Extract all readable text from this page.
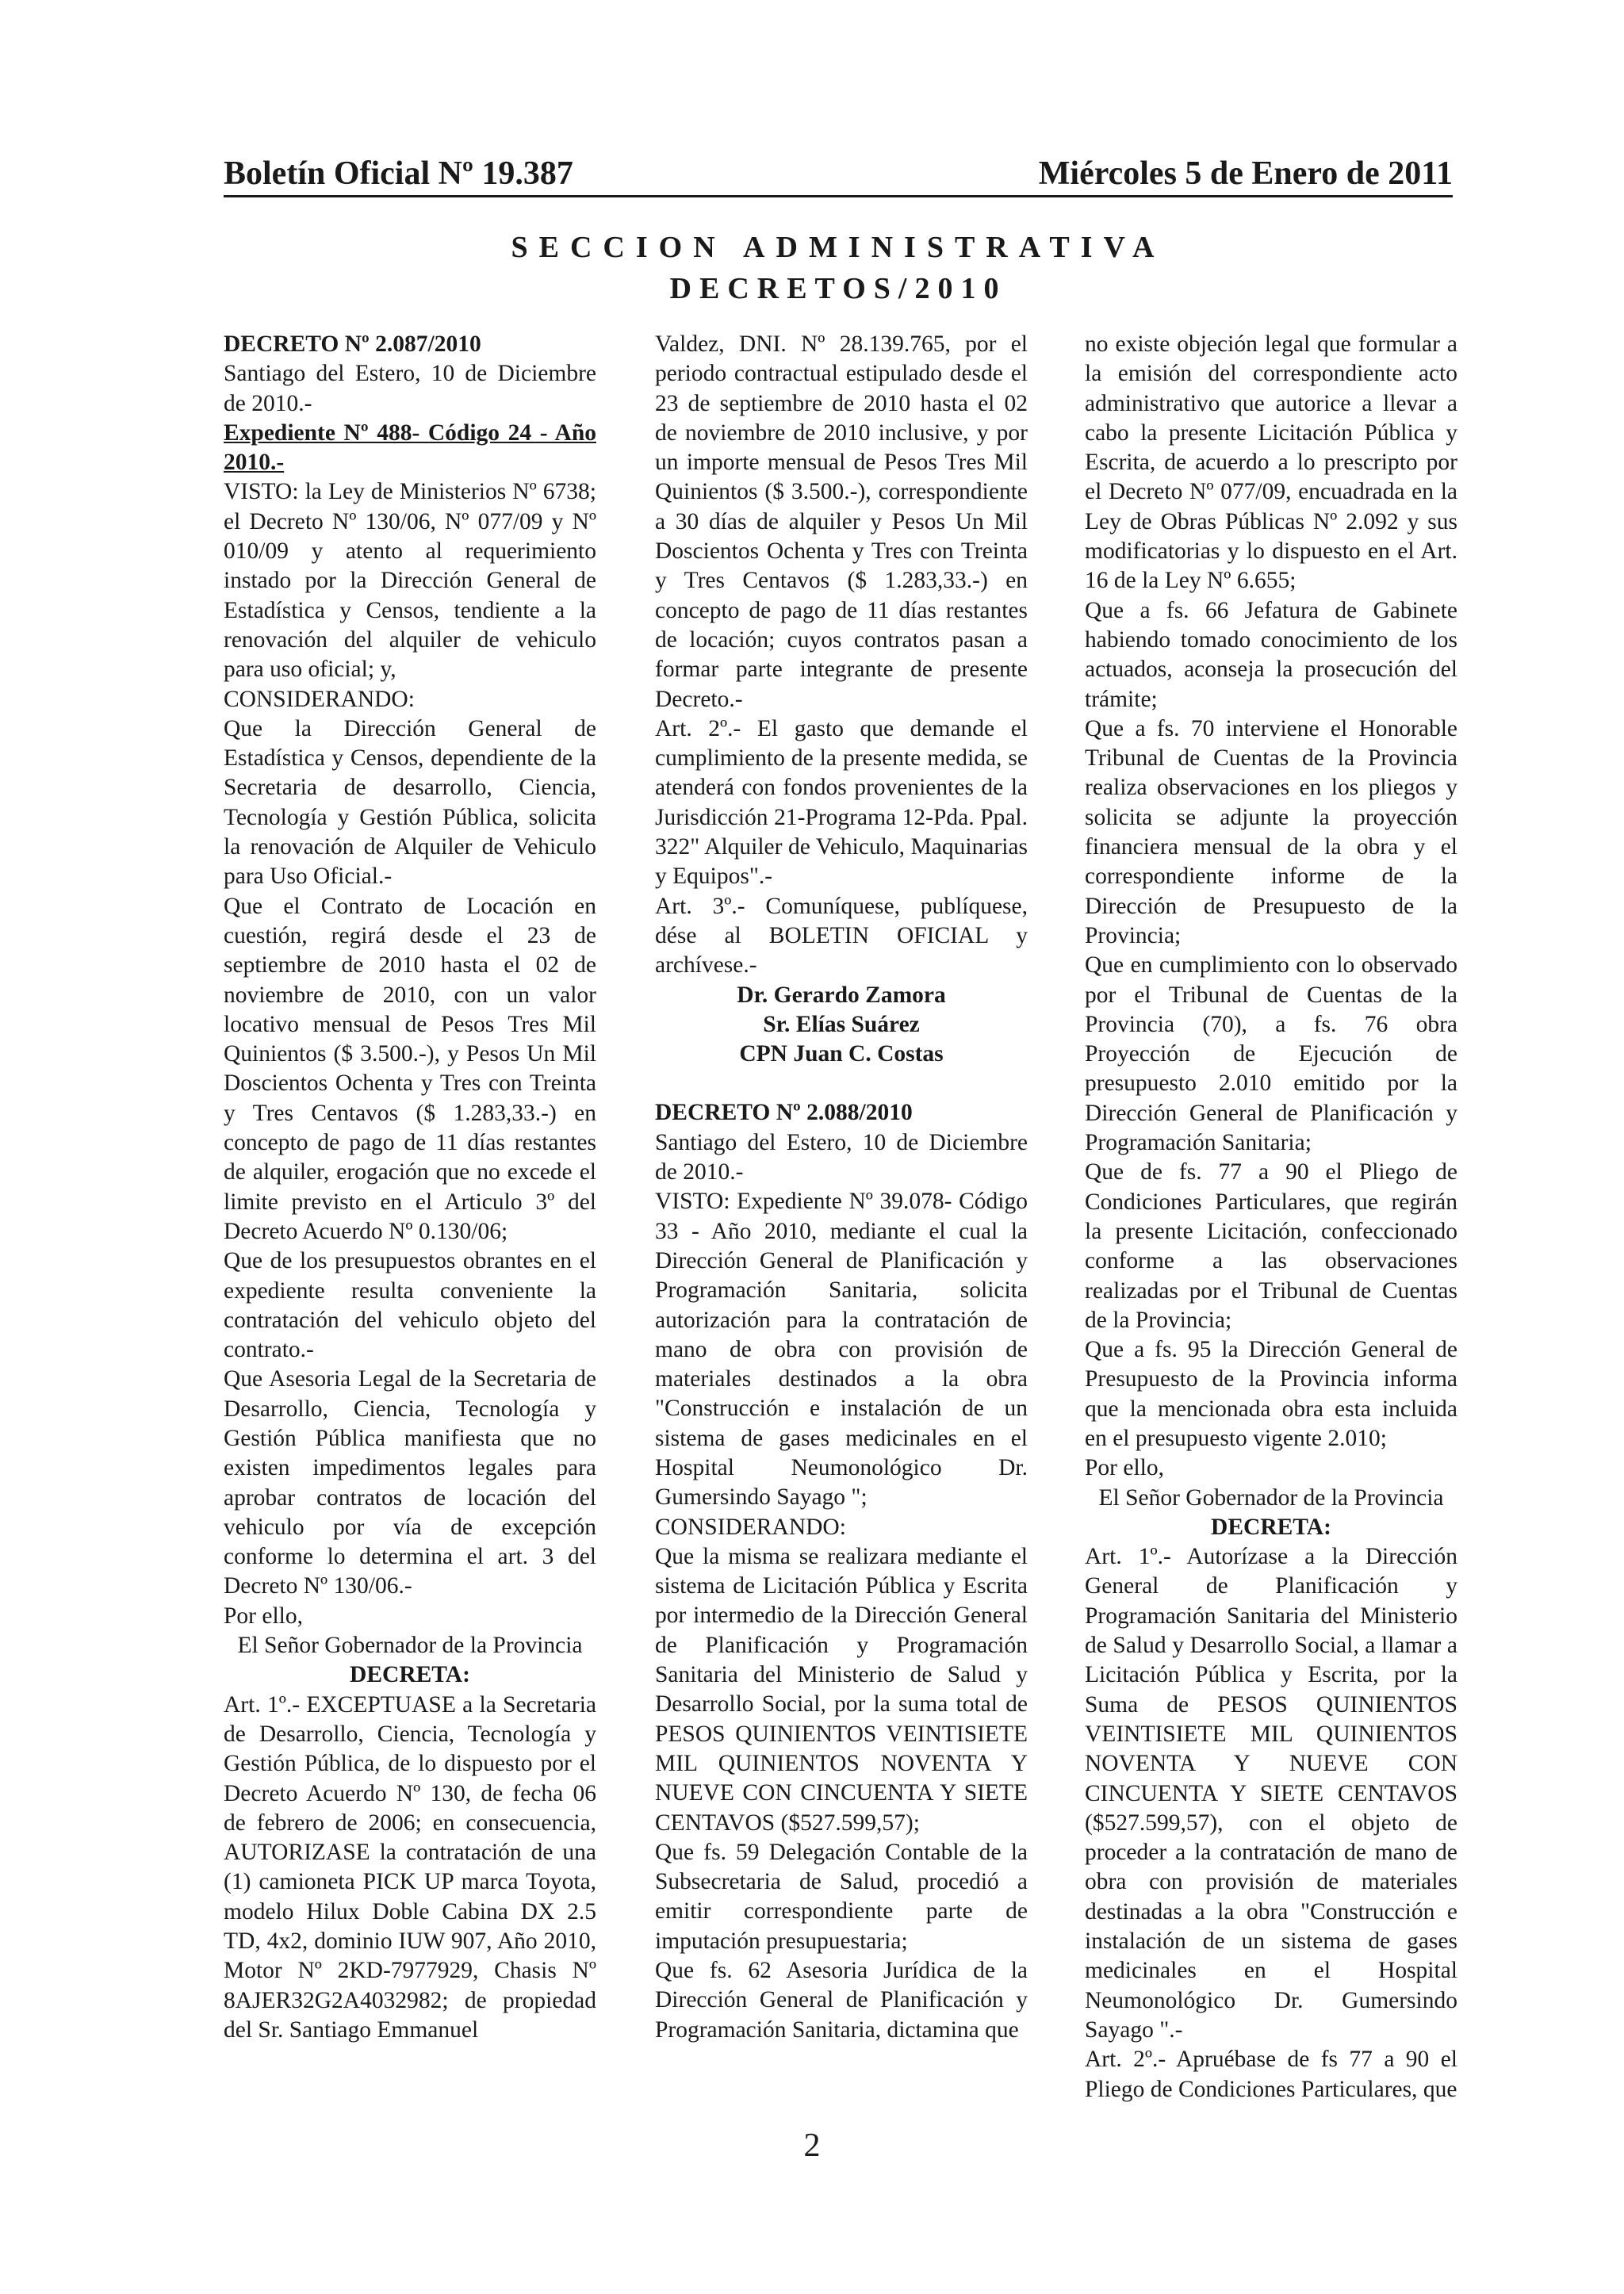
Boletín Oficial Nº 19.387	Miércoles 5 de Enero de 2011
SECCION ADMINISTRATIVA
DECRETOS/2010

DECRETO Nº 2.087/2010

Santiago del Estero, 10 de Diciembre de 2010.-

Expediente Nº 488- Código 24 - Año 2010.-

VISTO: la Ley de Ministerios Nº 6738; el Decreto Nº 130/06, Nº 077/09 y Nº 010/09 y atento al requerimiento instado por la Dirección General de Estadística y Censos, tendiente a la renovación del alquiler de vehiculo para uso oficial; y,

CONSIDERANDO:

Que la Dirección General de Estadística y Censos, dependiente de la Secretaria de desarrollo, Ciencia, Tecnología y Gestión Pública, solicita la renovación de Alquiler de Vehiculo para Uso Oficial.-

Que el Contrato de Locación en cuestión, regirá desde el 23 de septiembre de 2010 hasta el 02 de noviembre de 2010, con un valor locativo mensual de Pesos Tres Mil Quinientos ($ 3.500.-), y Pesos Un Mil Doscientos Ochenta y Tres con Treinta y Tres Centavos ($ 1.283,33.-) en concepto de pago de 11 días restantes de alquiler, erogación que no excede el limite previsto en el Articulo 3º del Decreto Acuerdo Nº 0.130/06;

Que de los presupuestos obrantes en el expediente resulta conveniente la contratación del vehiculo objeto del contrato.-

Que Asesoria Legal de la Secretaria de Desarrollo, Ciencia, Tecnología y Gestión Pública manifiesta que no existen impedimentos legales para aprobar contratos de locación del vehiculo por vía de excepción conforme lo determina el art. 3 del Decreto Nº 130/06.-

Por ello,

El Señor Gobernador de la Provincia

DECRETA:

Art. 1º.- EXCEPTUASE a la Secretaria de Desarrollo, Ciencia, Tecnología y Gestión Pública, de lo dispuesto por el Decreto Acuerdo Nº 130, de fecha 06 de febrero de 2006; en consecuencia, AUTORIZASE la contratación de una (1) camioneta PICK UP marca Toyota, modelo Hilux Doble Cabina DX 2.5 TD, 4x2, dominio IUW 907, Año 2010, Motor Nº 2KD-7977929, Chasis Nº 8AJER32G2A4032982; de propiedad del Sr. Santiago Emmanuel

Valdez, DNI. Nº 28.139.765, por el periodo contractual estipulado desde el 23 de septiembre de 2010 hasta el 02 de noviembre de 2010 inclusive, y por un importe mensual de Pesos Tres Mil Quinientos ($ 3.500.-), correspondiente a 30 días de alquiler y Pesos Un Mil Doscientos Ochenta y Tres con Treinta y Tres Centavos ($ 1.283,33.-) en concepto de pago de 11 días restantes de locación; cuyos contratos pasan a formar parte integrante de presente Decreto.-

Art. 2º.- El gasto que demande el cumplimiento de la presente medida, se atenderá con fondos provenientes de la Jurisdicción 21-Programa 12-Pda. Ppal. 322" Alquiler de Vehiculo, Maquinarias y Equipos".-

Art. 3º.- Comuníquese, publíquese, dése al BOLETIN OFICIAL y archívese.-

Dr. Gerardo Zamora

Sr. Elías Suárez

CPN Juan C. Costas

DECRETO Nº 2.088/2010

Santiago del Estero, 10 de Diciembre de 2010.-

VISTO: Expediente Nº 39.078- Código 33 - Año 2010, mediante el cual la Dirección General de Planificación y Programación Sanitaria, solicita autorización para la contratación de mano de obra con provisión de materiales destinados a la obra "Construcción e instalación de un sistema de gases medicinales en el Hospital Neumonológico Dr. Gumersindo Sayago ";

CONSIDERANDO:

Que la misma se realizara mediante el sistema de Licitación Pública y Escrita por intermedio de la Dirección General de Planificación y Programación Sanitaria del Ministerio de Salud y Desarrollo Social, por la suma total de PESOS QUINIENTOS VEINTISIETE MIL QUINIENTOS NOVENTA Y NUEVE CON CINCUENTA Y SIETE CENTAVOS ($527.599,57);

Que fs. 59 Delegación Contable de la Subsecretaria de Salud, procedió a emitir correspondiente parte de imputación presupuestaria;

Que fs. 62 Asesoria Jurídica de la Dirección General de Planificación y Programación Sanitaria, dictamina que

no existe objeción legal que formular a la emisión del correspondiente acto administrativo que autorice a llevar a cabo la presente Licitación Pública y Escrita, de acuerdo a lo prescripto por el Decreto Nº 077/09, encuadrada en la Ley de Obras Públicas Nº 2.092 y sus modificatorias y lo dispuesto en el Art. 16 de la Ley Nº 6.655;

Que a fs. 66 Jefatura de Gabinete habiendo tomado conocimiento de los actuados, aconseja la prosecución del trámite;

Que a fs. 70 interviene el Honorable Tribunal de Cuentas de la Provincia realiza observaciones en los pliegos y solicita se adjunte la proyección financiera mensual de la obra y el correspondiente informe de la Dirección de Presupuesto de la Provincia;

Que en cumplimiento con lo observado por el Tribunal de Cuentas de la Provincia (70), a fs. 76 obra Proyección de Ejecución de presupuesto 2.010 emitido por la Dirección General de Planificación y Programación Sanitaria;

Que de fs. 77 a 90 el Pliego de Condiciones Particulares, que regirán la presente Licitación, confeccionado conforme a las observaciones realizadas por el Tribunal de Cuentas de la Provincia;

Que a fs. 95 la Dirección General de Presupuesto de la Provincia informa que la mencionada obra esta incluida en el presupuesto vigente 2.010;

Por ello,

El Señor Gobernador de la Provincia

DECRETA:

Art. 1º.- Autorízase a la Dirección General de Planificación y Programación Sanitaria del Ministerio de Salud y Desarrollo Social, a llamar a Licitación Pública y Escrita, por la Suma de PESOS QUINIENTOS VEINTISIETE MIL QUINIENTOS NOVENTA Y NUEVE CON CINCUENTA Y SIETE CENTAVOS ($527.599,57), con el objeto de proceder a la contratación de mano de obra con provisión de materiales destinadas a la obra "Construcción e instalación de un sistema de gases medicinales en el Hospital Neumonológico Dr. Gumersindo Sayago ".-

Art. 2º.- Apruébase de fs 77 a 90 el Pliego de Condiciones Particulares, que

2
